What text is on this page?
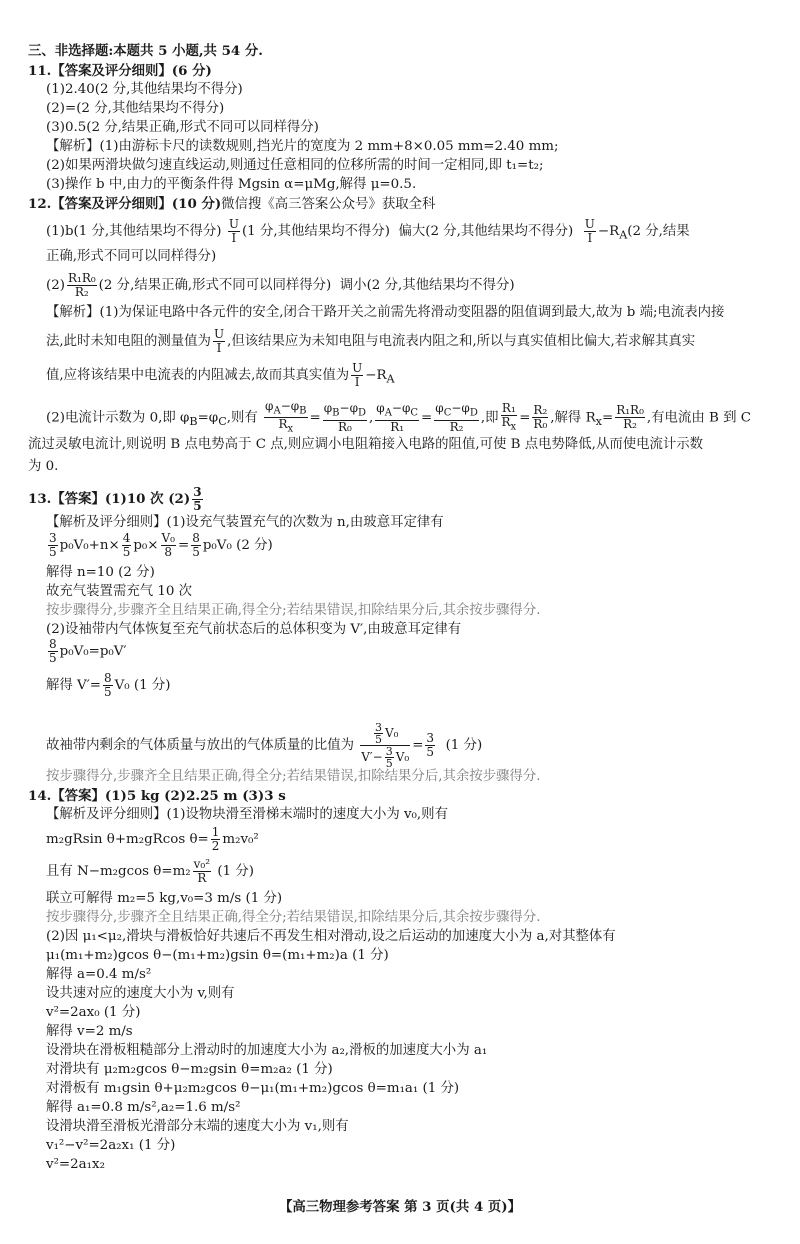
三、非选择题:本题共 5 小题,共 54 分.
11.【答案及评分细则】(6 分)
(1)2.40(2 分,其他结果均不得分)
(2)=(2 分,其他结果均不得分)
(3)0.5(2 分,结果正确,形式不同可以同样得分)
【解析】(1)由游标卡尺的读数规则,挡光片的宽度为 2 mm+8×0.05 mm=2.40 mm;
(2)如果两滑块做匀速直线运动,则通过任意相同的位移所需的时间一定相同,即 t₁=t₂;
(3)操作 b 中,由力的平衡条件得 Mgsin α=μMg,解得 μ=0.5.
12.【答案及评分细则】(10 分)微信搜《高三答案公众号》获取全科
(1)b(1 分,其他结果均不得分) $\frac{U}{I} (1$ 分,其他结果均不得分) 偏大(2 分,其他结果均不得分) $\frac{U}{I} -R_A(2$ 分,结果
正确,形式不同可以同样得分)
$(2) \frac{\text{R₁R₀}}{\text{R₂}} (2$ 分,结果正确,形式不同可以同样得分) 调小(2 分,其他结果均不得分)
【解析】(1)为保证电路中各元件的安全,闭合干路开关之前需先将滑动变阻器的阻值调到最大,故为 b 端;电流表内接
法,此时未知电阻的测量值为 $\frac{U}{I}$ ,但该结果应为未知电阻与电流表内阻之和,所以与真实值相比偏大,若求解其真实
值,应将该结果中电流表的内阻减去,故而其真实值为 $\frac{U}{I} -R_A$
(2)电流计示数为 0,即 $\varphi_B=\varphi_C$,则有 $\frac{\varphi_A-\varphi_B}{R_x} = \frac{\varphi_B-\varphi_D}{\text{R₀}}$ , $\frac{\varphi_A-\varphi_C}{\text{R₁}} = \frac{\varphi_C-\varphi_D}{\text{R₂}}$ ,即 $\frac{\text{R₁}}{R_x} = \frac{\text{R₂}}{\text{R₀}}$ ,解得 $R_x= \frac{\text{R₁R₀}}{\text{R₂}}$ ,有电流由 B 到 C
流过灵敏电流计,则说明 B 点电势高于 C 点,则应调小电阻箱接入电路的阻值,可使 B 点电势降低,从而使电流计示数
为 0.
13.【答案】(1)10 次 $(2) \frac{3}{5}$
【解析及评分细则】(1)设充气装置充气的次数为 n,由玻意耳定律有
$\frac{3}{5} p_0V_0+n\times \frac{4}{5} p_0\times \frac{\text{V₀}}{8} = \frac{8}{5} p_0V_0$ (2 分)
解得 n=10 (2 分)
故充气装置需充气 10 次
按步骤得分,步骤齐全且结果正确,得全分;若结果错误,扣除结果分后,其余按步骤得分.
(2)设袖带内气体恢复至充气前状态后的总体积变为 V′,由玻意耳定律有
$\frac{8}{5} p_0V_0=p_0V'$
解得 $V'= \frac{8}{5} V_0$ (1 分)
故袖带内剩余的气体质量与放出的气体质量的比值为 $\frac{\frac{3}{5} V_0}{V'- \frac{3}{5} V_0} = \frac{3}{5} (1$ 分)
按步骤得分,步骤齐全且结果正确,得全分;若结果错误,扣除结果分后,其余按步骤得分.
14.【答案】(1)5 kg (2)2.25 m (3)3 s
【解析及评分细则】(1)设物块滑至滑梯末端时的速度大小为 v₀,则有
m₂gRsin θ+m₂gRcos $\theta= \frac{1}{2} m_2v_0^2$
且有 N−m₂gcos $\theta=m_2 \frac{\text{v₀²}}{R} (1$ 分)
联立可解得 m₂=5 kg,v₀=3 m/s (1 分)
按步骤得分,步骤齐全且结果正确,得全分;若结果错误,扣除结果分后,其余按步骤得分.
(2)因 μ₁<μ₂,滑块与滑板恰好共速后不再发生相对滑动,设之后运动的加速度大小为 a,对其整体有
μ₁(m₁+m₂)gcos θ−(m₁+m₂)gsin θ=(m₁+m₂)a (1 分)
解得 a=0.4 m/s²
设共速对应的速度大小为 v,则有
v²=2ax₀ (1 分)
解得 v=2 m/s
设滑块在滑板粗糙部分上滑动时的加速度大小为 a₂,滑板的加速度大小为 a₁
对滑块有 μ₂m₂gcos θ−m₂gsin θ=m₂a₂ (1 分)
对滑板有 m₁gsin θ+μ₂m₂gcos θ−μ₁(m₁+m₂)gcos θ=m₁a₁ (1 分)
解得 a₁=0.8 m/s²,a₂=1.6 m/s²
设滑块滑至滑板光滑部分末端的速度大小为 v₁,则有
v₁²−v²=2a₂x₁ (1 分)
v²=2a₁x₂
【高三物理参考答案 第 3 页(共 4 页)】
